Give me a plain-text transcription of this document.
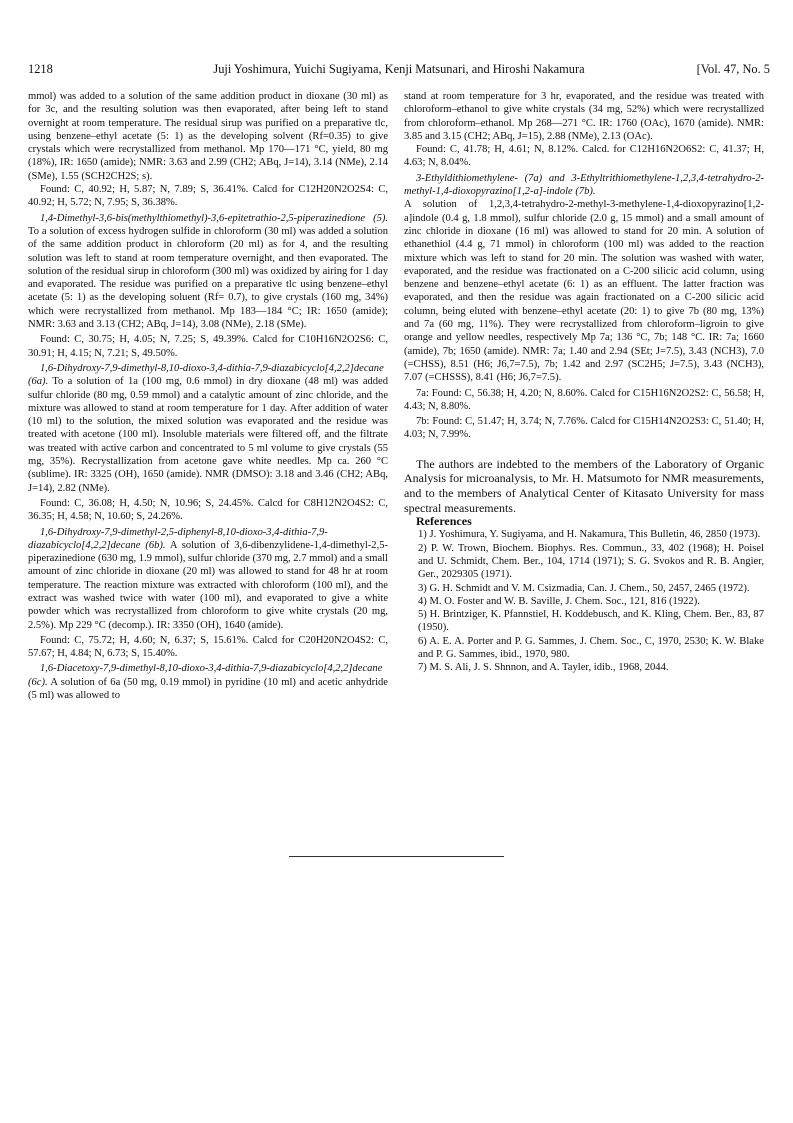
1218	Juji Yoshimura, Yuichi Sugiyama, Kenji Matsunari, and Hiroshi Nakamura	[Vol. 47, No. 5

mmol) was added to a solution of the same addition product in dioxane (30 ml) as for 3c, and the resulting solution was then evaporated, after being left to stand overnight at room temperature. The residual sirup was purified on a preparative tlc, using benzene–ethyl acetate (5: 1) as the developing solvent (Rf=0.35) to give crystals which were recrystallized from methanol. Mp 170—171 °C, yield, 80 mg (18%), IR: 1650 (amide); NMR: 3.63 and 2.99 (CH2; ABq, J=14), 3.14 (NMe), 2.14 (SMe), 1.55 (SCH2CH2S; s).

Found: C, 40.92; H, 5.87; N, 7.89; S, 36.41%. Calcd for C12H20N2O2S4: C, 40.92; H, 5.72; N, 7.95; S, 36.38%.

1,4-Dimethyl-3,6-bis(methylthiomethyl)-3,6-epitetrathio-2,5-piperazinedione (5). To a solution of excess hydrogen sulfide in chloroform (30 ml) was added a solution of the same addition product in chloroform (20 ml) as for 4, and the resulting solution was left to stand at room temperature overnight, and then evaporated. The solution of the residual sirup in chloroform (300 ml) was oxidized by airing for 1 day and evaporated. The residue was purified on a preparative tlc using benzene–ethyl acetate (5: 1) as the developing soluent (Rf= 0.7), to give crystals (160 mg, 34%) which were recrystallized from methanol. Mp 183—184 °C; IR: 1650 (amide); NMR: 3.63 and 3.13 (CH2; ABq, J=14), 3.08 (NMe), 2.18 (SMe).

Found: C, 30.75; H, 4.05; N, 7.25; S, 49.39%. Calcd for C10H16N2O2S6: C, 30.91; H, 4.15; N, 7.21; S, 49.50%.

1,6-Dihydroxy-7,9-dimethyl-8,10-dioxo-3,4-dithia-7,9-diazabicyclo[4,2,2]decane (6a). To a solution of 1a (100 mg, 0.6 mmol) in dry dioxane (48 ml) was added sulfur chloride (80 mg, 0.59 mmol) and a catalytic amount of zinc chloride, and the mixture was allowed to stand at room temperature for 1 day. After addition of water (10 ml) to the solution, the mixed solution was evaporated and the residue was treated with acetone (100 ml). Insoluble materials were filtered off, and the filtrate was treated with active carbon and concentrated to 5 ml volume to give crystals (55 mg, 35%). Recrystallization from acetone gave white needles. Mp ca. 260 °C (sublime). IR: 3325 (OH), 1650 (amide). NMR (DMSO): 3.18 and 3.46 (CH2; ABq, J=14), 2.82 (NMe).

Found: C, 36.08; H, 4.50; N, 10.96; S, 24.45%. Calcd for C8H12N2O4S2: C, 36.35; H, 4.58; N, 10.60; S, 24.26%.

1,6-Dihydroxy-7,9-dimethyl-2,5-diphenyl-8,10-dioxo-3,4-dithia-7,9-diazabicyclo[4,2,2]decane (6b). A solution of 3,6-dibenzylidene-1,4-dimethyl-2,5-piperazinedione (630 mg, 1.9 mmol), sulfur chloride (370 mg, 2.7 mmol) and a small amount of zinc chloride in dioxane (20 ml) was allowed to stand for 48 hr at room temperature. The reaction mixture was extracted with chloroform (100 ml), and the extract was washed twice with water (100 ml), and evaporated to give a white powder which was recrystallized from chloroform to give white crystals (20 mg, 2.5%). Mp 229 °C (decomp.). IR: 3350 (OH), 1640 (amide).

Found: C, 75.72; H, 4.60; N, 6.37; S, 15.61%. Calcd for C20H20N2O4S2: C, 57.67; H, 4.84; N, 6.73; S, 15.40%.

1,6-Diacetoxy-7,9-dimethyl-8,10-dioxo-3,4-dithia-7,9-diazabicyclo[4,2,2]decane (6c). A solution of 6a (50 mg, 0.19 mmol) in pyridine (10 ml) and acetic anhydride (5 ml) was allowed to

stand at room temperature for 3 hr, evaporated, and the residue was treated with chloroform–ethanol to give white crystals (34 mg, 52%) which were recrystallized from chloroform–ethanol. Mp 268—271 °C. IR: 1760 (OAc), 1670 (amide). NMR: 3.85 and 3.15 (CH2; ABq, J=15), 2.88 (NMe), 2.13 (OAc).

Found: C, 41.78; H, 4.61; N, 8.12%. Calcd. for C12H16N2O6S2: C, 41.37; H, 4.63; N, 8.04%.

3-Ethyldithiomethylene- (7a) and 3-Ethyltrithiomethylene-1,2,3,4-tetrahydro-2-methyl-1,4-dioxopyrazino[1,2-a]-indole (7b).

A solution of 1,2,3,4-tetrahydro-2-methyl-3-methylene-1,4-dioxopyrazino[1,2-a]indole (0.4 g, 1.8 mmol), sulfur chloride (2.0 g, 15 mmol) and a small amount of zinc chloride in dioxane (16 ml) was allowed to stand for 20 min. A solution of ethanethiol (4.4 g, 71 mmol) in chloroform (100 ml) was added to the reaction mixture which was left to stand for 20 min. The solution was washed with water, evaporated, and the residue was fractionated on a C-200 silicic acid column, using benzene and benzene–ethyl acetate (6: 1) as an effluent. The latter fraction was evaporated, and then the residue was again fractionated on a C-200 silicic acid column, being eluted with benzene–ethyl acetate (20: 1) to give 7b (80 mg, 13%) and 7a (60 mg, 11%). They were recrystallized from chloroform–ligroin to give orange and yellow needles, respectively Mp 7a; 136 °C, 7b; 148 °C. IR: 7a; 1660 (amide), 7b; 1650 (amide). NMR: 7a; 1.40 and 2.94 (SEt; J=7.5), 3.43 (NCH3), 7.0 (=CHSS), 8.51 (H6; J6,7=7.5), 7b; 1.42 and 2.97 (SC2H5; J=7.5), 3.43 (NCH3), 7.07 (=CHSSS), 8.41 (H6; J6,7=7.5).

7a: Found: C, 56.38; H, 4.20; N, 8.60%. Calcd for C15H16N2O2S2: C, 56.58; H, 4.43; N, 8.80%.

7b: Found: C, 51.47; H, 3.74; N, 7.76%. Calcd for C15H14N2O2S3: C, 51.40; H, 4.03; N, 7.99%.

The authors are indebted to the members of the Laboratory of Organic Analysis for microanalysis, to Mr. H. Matsumoto for NMR measurements, and to the members of Analytical Center of Kitasato University for mass spectral measurements.

References

1) J. Yoshimura, Y. Sugiyama, and H. Nakamura, This Bulletin, 46, 2850 (1973).

2) P. W. Trown, Biochem. Biophys. Res. Commun., 33, 402 (1968); H. Poisel and U. Schmidt, Chem. Ber., 104, 1714 (1971); S. G. Svokos and R. B. Angier, Ger., 2029305 (1971).

3) G. H. Schmidt and V. M. Csizmadia, Can. J. Chem., 50, 2457, 2465 (1972).

4) M. O. Foster and W. B. Saville, J. Chem. Soc., 121, 816 (1922).

5) H. Brintziger, K. Pfannstiel, H. Koddebusch, and K. Kling, Chem. Ber., 83, 87 (1950).

6) A. E. A. Porter and P. G. Sammes, J. Chem. Soc., C, 1970, 2530; K. W. Blake and P. G. Sammes, ibid., 1970, 980.

7) M. S. Ali, J. S. Shnnon, and A. Tayler, idib., 1968, 2044.
